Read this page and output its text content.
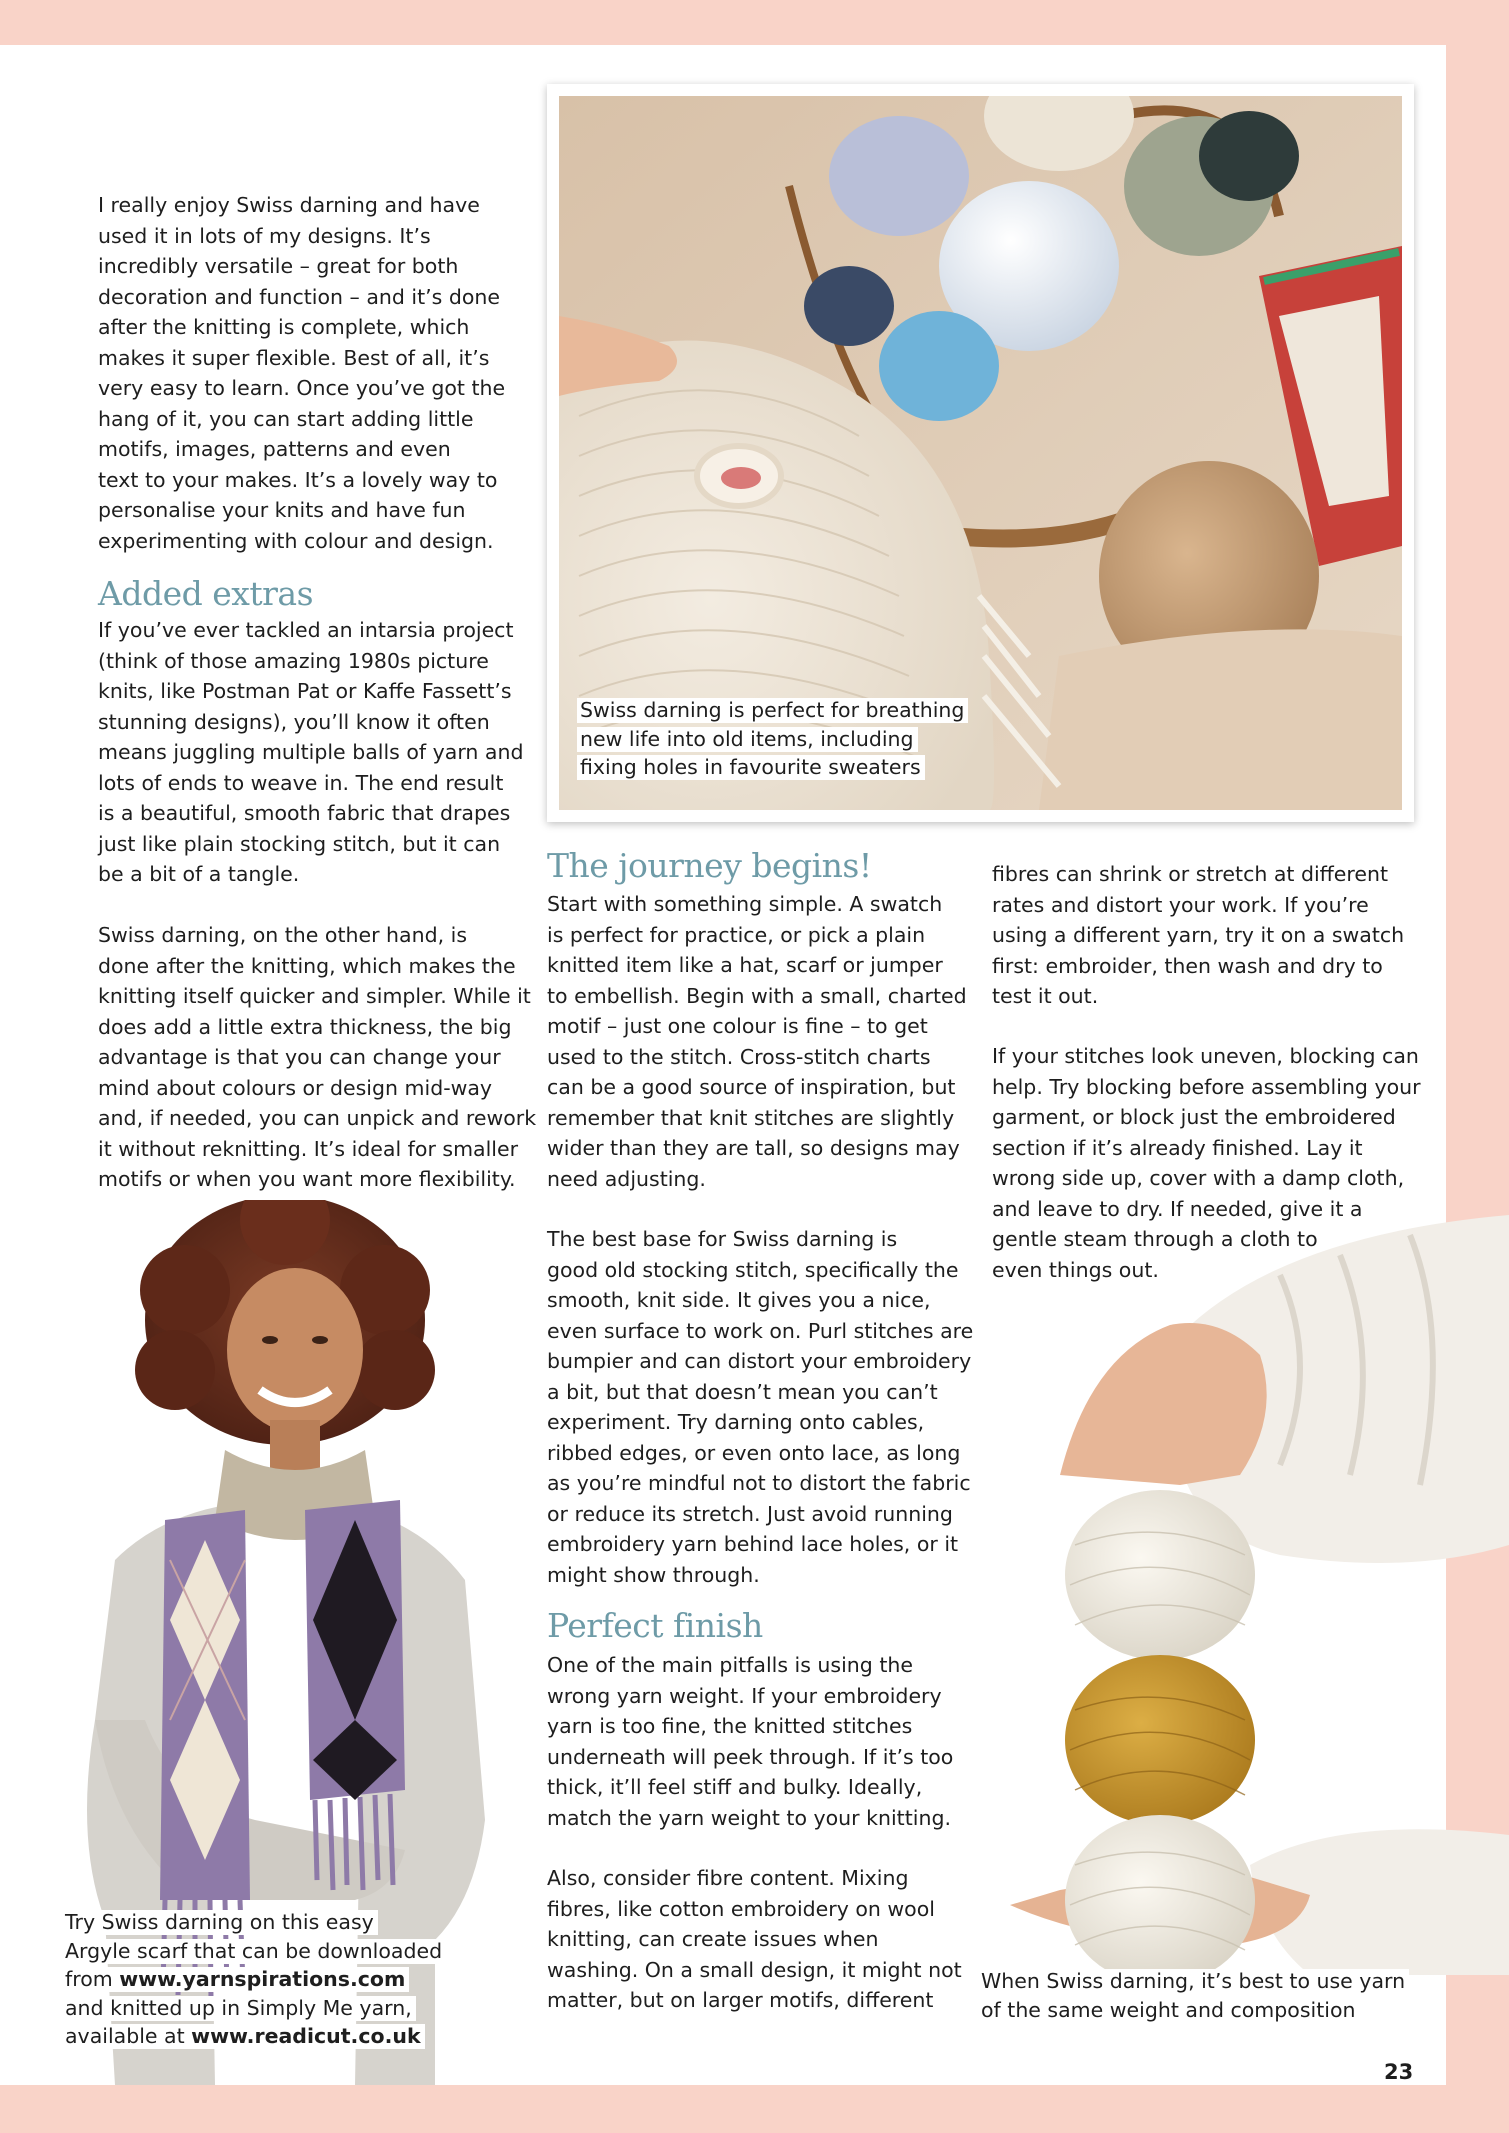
I really enjoy Swiss darning and have
used it in lots of my designs. It’s
incredibly versatile – great for both
decoration and function – and it’s done
after the knitting is complete, which
makes it super flexible. Best of all, it’s
very easy to learn. Once you’ve got the
hang of it, you can start adding little
motifs, images, patterns and even
text to your makes. It’s a lovely way to
personalise your knits and have fun
experimenting with colour and design.
Added extras
If you’ve ever tackled an intarsia project
(think of those amazing 1980s picture
knits, like Postman Pat or Kaffe Fassett’s
stunning designs), you’ll know it often
means juggling multiple balls of yarn and
lots of ends to weave in. The end result
is a beautiful, smooth fabric that drapes
just like plain stocking stitch, but it can
be a bit of a tangle.
Swiss darning, on the other hand, is
done after the knitting, which makes the
knitting itself quicker and simpler. While it
does add a little extra thickness, the big
advantage is that you can change your
mind about colours or design mid-way
and, if needed, you can unpick and rework
it without reknitting. It’s ideal for smaller
motifs or when you want more flexibility.
Swiss darning is perfect for breathing
new life into old items, including
fixing holes in favourite sweaters
The journey begins!
Start with something simple. A swatch
is perfect for practice, or pick a plain
knitted item like a hat, scarf or jumper
to embellish. Begin with a small, charted
motif – just one colour is fine – to get
used to the stitch. Cross-stitch charts
can be a good source of inspiration, but
remember that knit stitches are slightly
wider than they are tall, so designs may
need adjusting.
The best base for Swiss darning is
good old stocking stitch, specifically the
smooth, knit side. It gives you a nice,
even surface to work on. Purl stitches are
bumpier and can distort your embroidery
a bit, but that doesn’t mean you can’t
experiment. Try darning onto cables,
ribbed edges, or even onto lace, as long
as you’re mindful not to distort the fabric
or reduce its stretch. Just avoid running
embroidery yarn behind lace holes, or it
might show through.
Perfect finish
One of the main pitfalls is using the
wrong yarn weight. If your embroidery
yarn is too fine, the knitted stitches
underneath will peek through. If it’s too
thick, it’ll feel stiff and bulky. Ideally,
match the yarn weight to your knitting.
Also, consider fibre content. Mixing
fibres, like cotton embroidery on wool
knitting, can create issues when
washing. On a small design, it might not
matter, but on larger motifs, different
fibres can shrink or stretch at different
rates and distort your work. If you’re
using a different yarn, try it on a swatch
first: embroider, then wash and dry to
test it out.
If your stitches look uneven, blocking can
help. Try blocking before assembling your
garment, or block just the embroidered
section if it’s already finished. Lay it
wrong side up, cover with a damp cloth,
and leave to dry. If needed, give it a
gentle steam through a cloth to
even things out.
Try Swiss darning on this easy
Argyle scarf that can be downloaded
from www.yarnspirations.com
and knitted up in Simply Me yarn,
available at www.readicut.co.uk
When Swiss darning, it’s best to use yarn
of the same weight and composition
23
